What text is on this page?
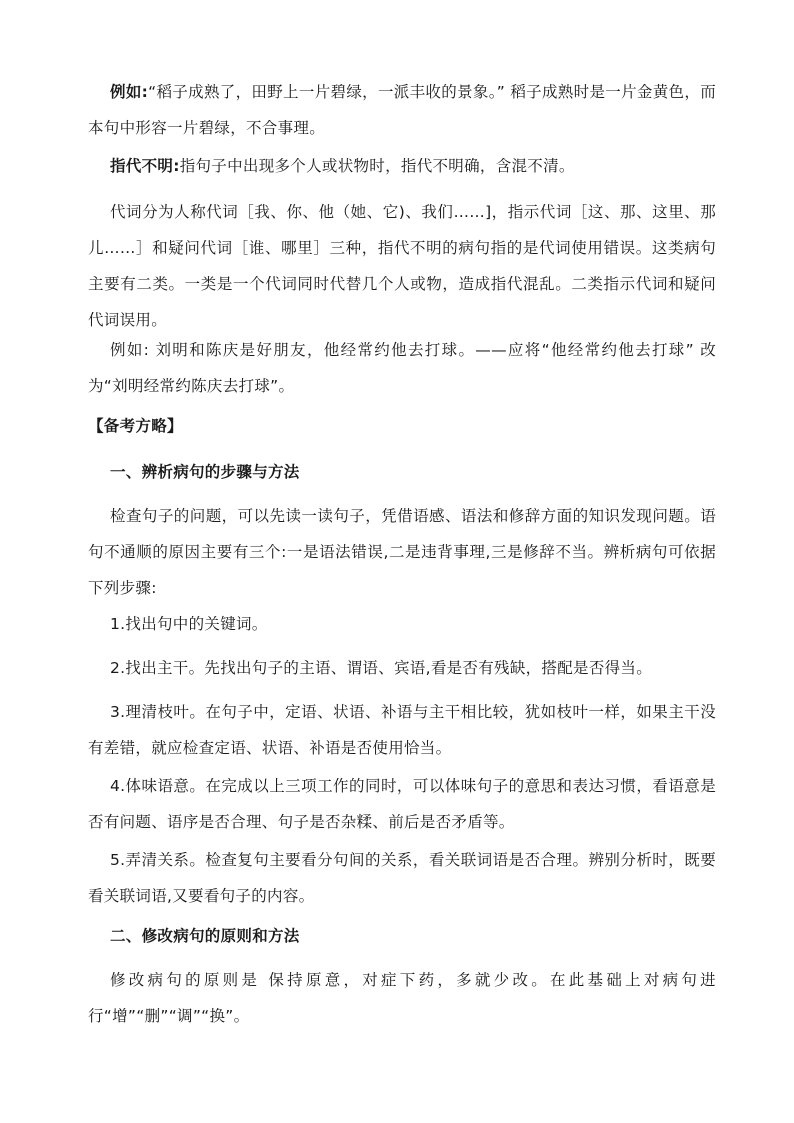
例如:“稻子成熟了，田野上一片碧绿，一派丰收的景象。” 稻子成熟时是一片金黄色，而本句中形容一片碧绿，不合事理。

指代不明:指句子中出现多个人或状物时，指代不明确，含混不清。

代词分为人称代词［我、你、他（她、它)、我们……]，指示代词［这、那、这里、那儿……］和疑问代词［谁、哪里］三种，指代不明的病句指的是代词使用错误。这类病句主要有二类。一类是一个代词同时代替几个人或物，造成指代混乱。二类指示代词和疑问代词误用。

例如: 刘明和陈庆是好朋友，他经常约他去打球。——应将“他经常约他去打球” 改为“刘明经常约陈庆去打球”。

【备考方略】

一、辨析病句的步骤与方法

检查句子的问题，可以先读一读句子，凭借语感、语法和修辞方面的知识发现问题。语句不通顺的原因主要有三个:一是语法错误,二是违背事理,三是修辞不当。辨析病句可依据下列步骤:

1.找出句中的关键词。

2.找出主干。先找出句子的主语、谓语、宾语,看是否有残缺，搭配是否得当。

3.理清枝叶。在句子中，定语、状语、补语与主干相比较，犹如枝叶一样，如果主干没有差错，就应检查定语、状语、补语是否使用恰当。

4.体味语意。在完成以上三项工作的同时，可以体味句子的意思和表达习惯，看语意是否有问题、语序是否合理、句子是否杂糅、前后是否矛盾等。

5.弄清关系。检查复句主要看分句间的关系，看关联词语是否合理。辨别分析时，既要看关联词语,又要看句子的内容。

二、修改病句的原则和方法

修改病句的原则是 保持原意，对症下药，多就少改。在此基础上对病句进行“增”“删”“调”“换”。
